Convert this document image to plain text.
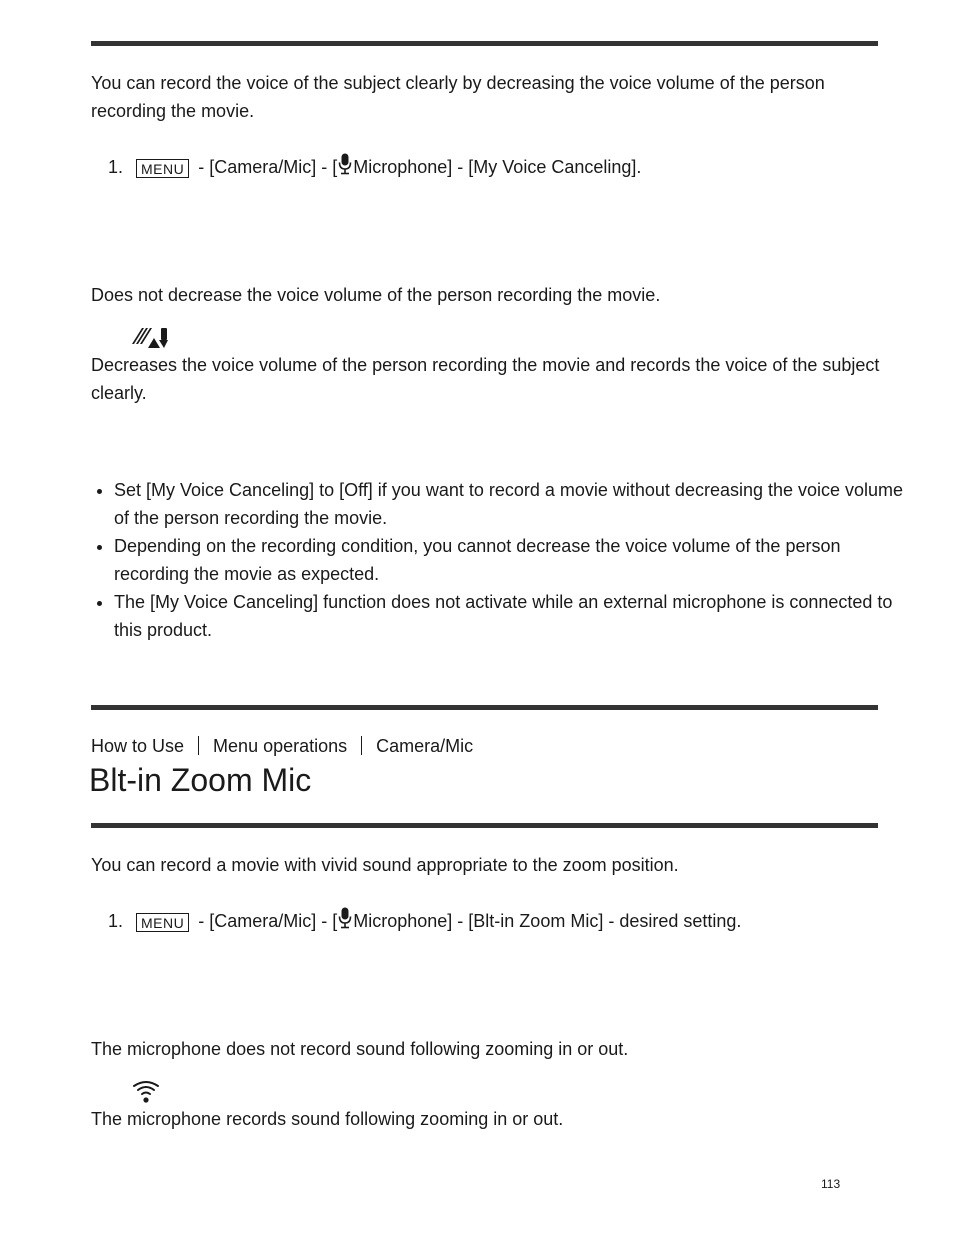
You can record the voice of the subject clearly by decreasing the voice volume of the person recording the movie.
1. MENU - [Camera/Mic] - [ Microphone] - [My Voice Canceling].
Does not decrease the voice volume of the person recording the movie.
Decreases the voice volume of the person recording the movie and records the voice of the subject clearly.
• Set [My Voice Canceling] to [Off] if you want to record a movie without decreasing the voice volume of the person recording the movie.
• Depending on the recording condition, you cannot decrease the voice volume of the person recording the movie as expected.
• The [My Voice Canceling] function does not activate while an external microphone is connected to this product.
How to Use Menu operations Camera/Mic
Blt-in Zoom Mic
You can record a movie with vivid sound appropriate to the zoom position.
1. MENU - [Camera/Mic] - [ Microphone] - [Blt-in Zoom Mic] - desired setting.
The microphone does not record sound following zooming in or out.
The microphone records sound following zooming in or out.
113
